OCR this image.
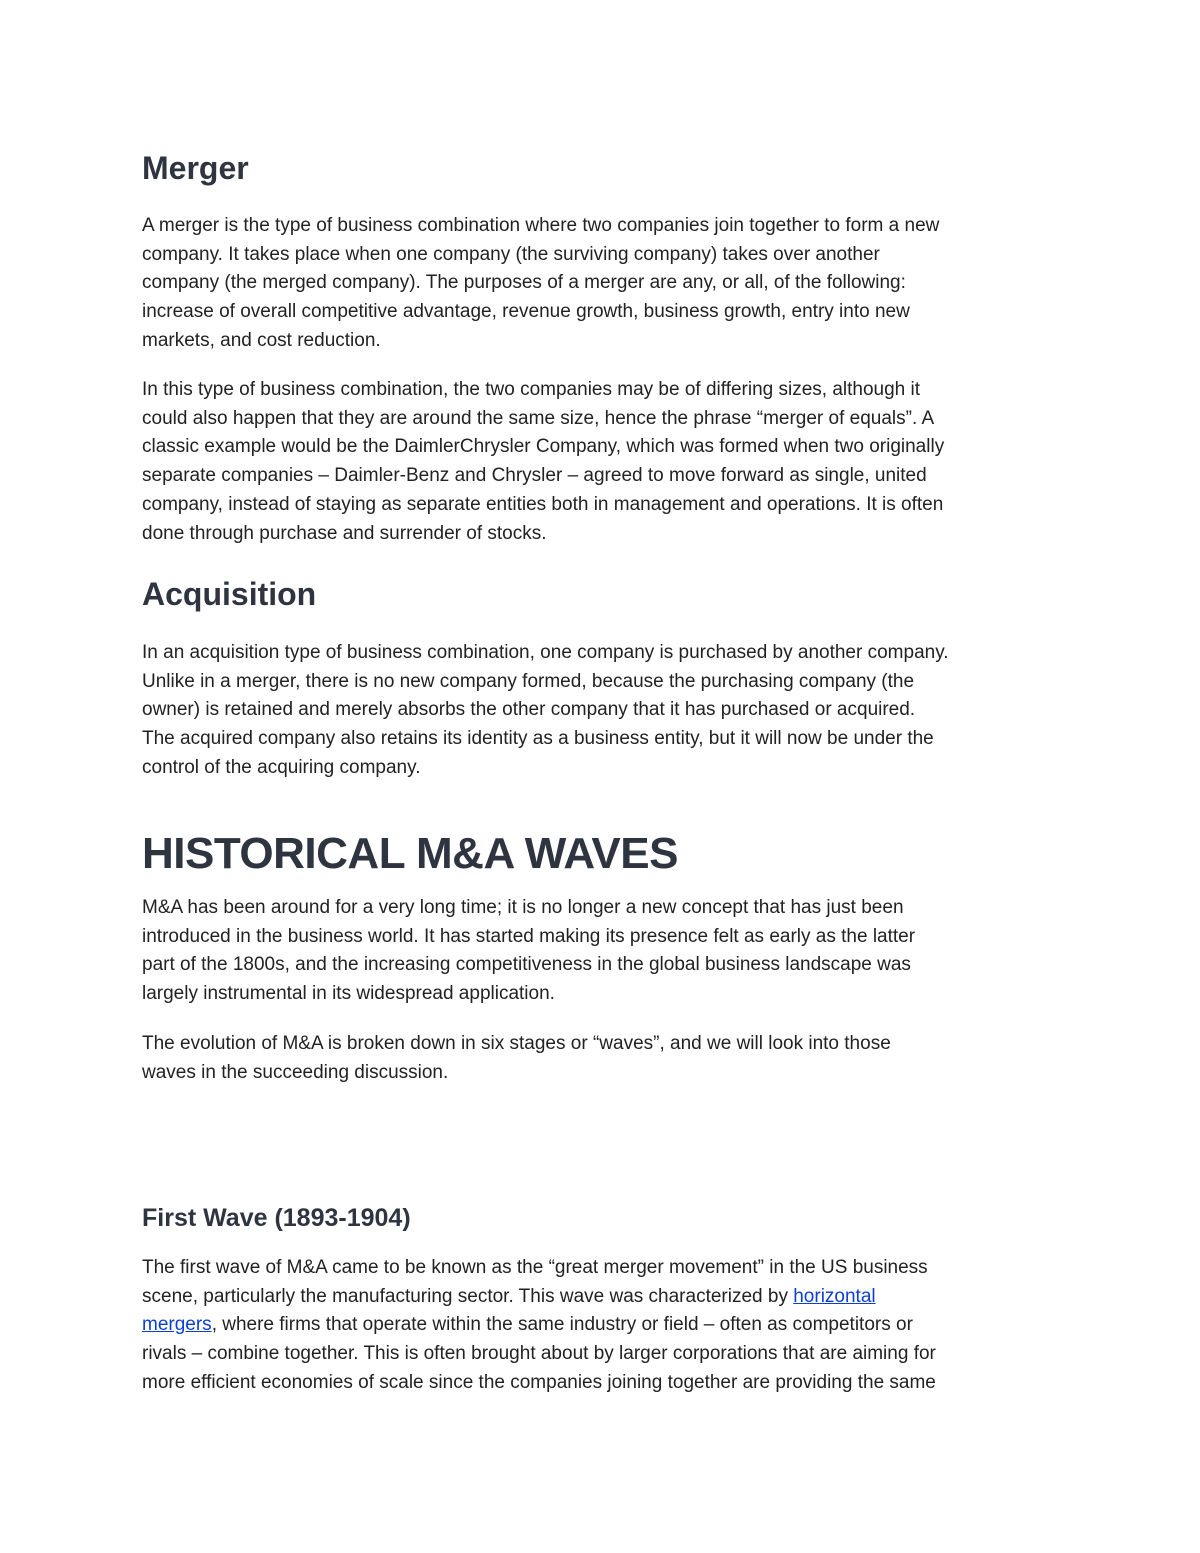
Merger
A merger is the type of business combination where two companies join together to form a new
company. It takes place when one company (the surviving company) takes over another
company (the merged company). The purposes of a merger are any, or all, of the following:
increase of overall competitive advantage, revenue growth, business growth, entry into new
markets, and cost reduction.
In this type of business combination, the two companies may be of differing sizes, although it
could also happen that they are around the same size, hence the phrase “merger of equals”. A
classic example would be the DaimlerChrysler Company, which was formed when two originally
separate companies – Daimler-Benz and Chrysler – agreed to move forward as single, united
company, instead of staying as separate entities both in management and operations. It is often
done through purchase and surrender of stocks.
Acquisition
In an acquisition type of business combination, one company is purchased by another company.
Unlike in a merger, there is no new company formed, because the purchasing company (the
owner) is retained and merely absorbs the other company that it has purchased or acquired.
The acquired company also retains its identity as a business entity, but it will now be under the
control of the acquiring company.
HISTORICAL M&A WAVES
M&A has been around for a very long time; it is no longer a new concept that has just been
introduced in the business world. It has started making its presence felt as early as the latter
part of the 1800s, and the increasing competitiveness in the global business landscape was
largely instrumental in its widespread application.
The evolution of M&A is broken down in six stages or “waves”, and we will look into those
waves in the succeeding discussion.
First Wave (1893-1904)
The first wave of M&A came to be known as the “great merger movement” in the US business
scene, particularly the manufacturing sector. This wave was characterized by horizontal
mergers, where firms that operate within the same industry or field – often as competitors or
rivals – combine together. This is often brought about by larger corporations that are aiming for
more efficient economies of scale since the companies joining together are providing the same
